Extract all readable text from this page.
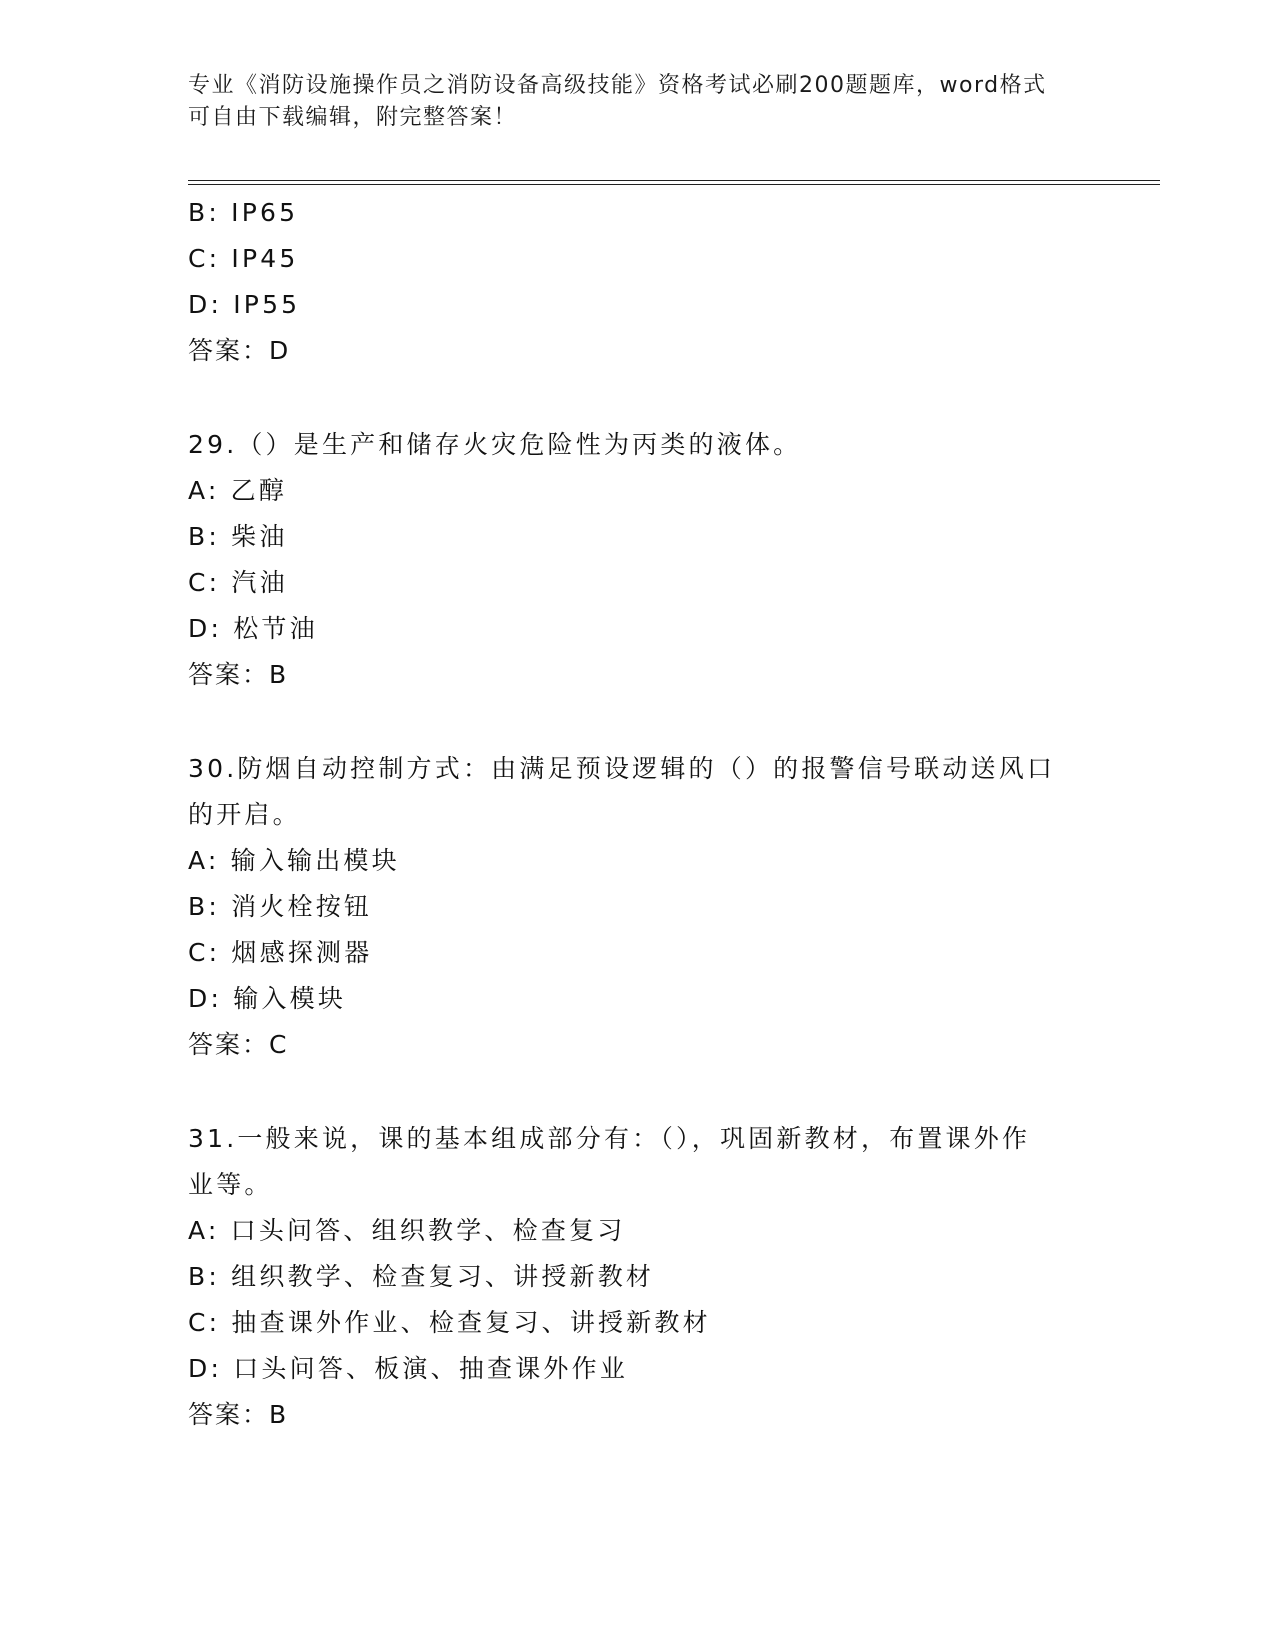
专业《消防设施操作员之消防设备高级技能》资格考试必刷200题题库，word格式可自由下载编辑，附完整答案！
B: IP65
C: IP45
D: IP55
答案：D
29.（）是生产和储存火灾危险性为丙类的液体。
A: 乙醇
B: 柴油
C: 汽油
D: 松节油
答案：B
30.防烟自动控制方式：由满足预设逻辑的（）的报警信号联动送风口
的开启。
A: 输入输出模块
B: 消火栓按钮
C: 烟感探测器
D: 输入模块
答案：C
31.一般来说，课的基本组成部分有：（），巩固新教材，布置课外作
业等。
A: 口头问答、组织教学、检查复习
B: 组织教学、检查复习、讲授新教材
C: 抽查课外作业、检查复习、讲授新教材
D: 口头问答、板演、抽查课外作业
答案：B
